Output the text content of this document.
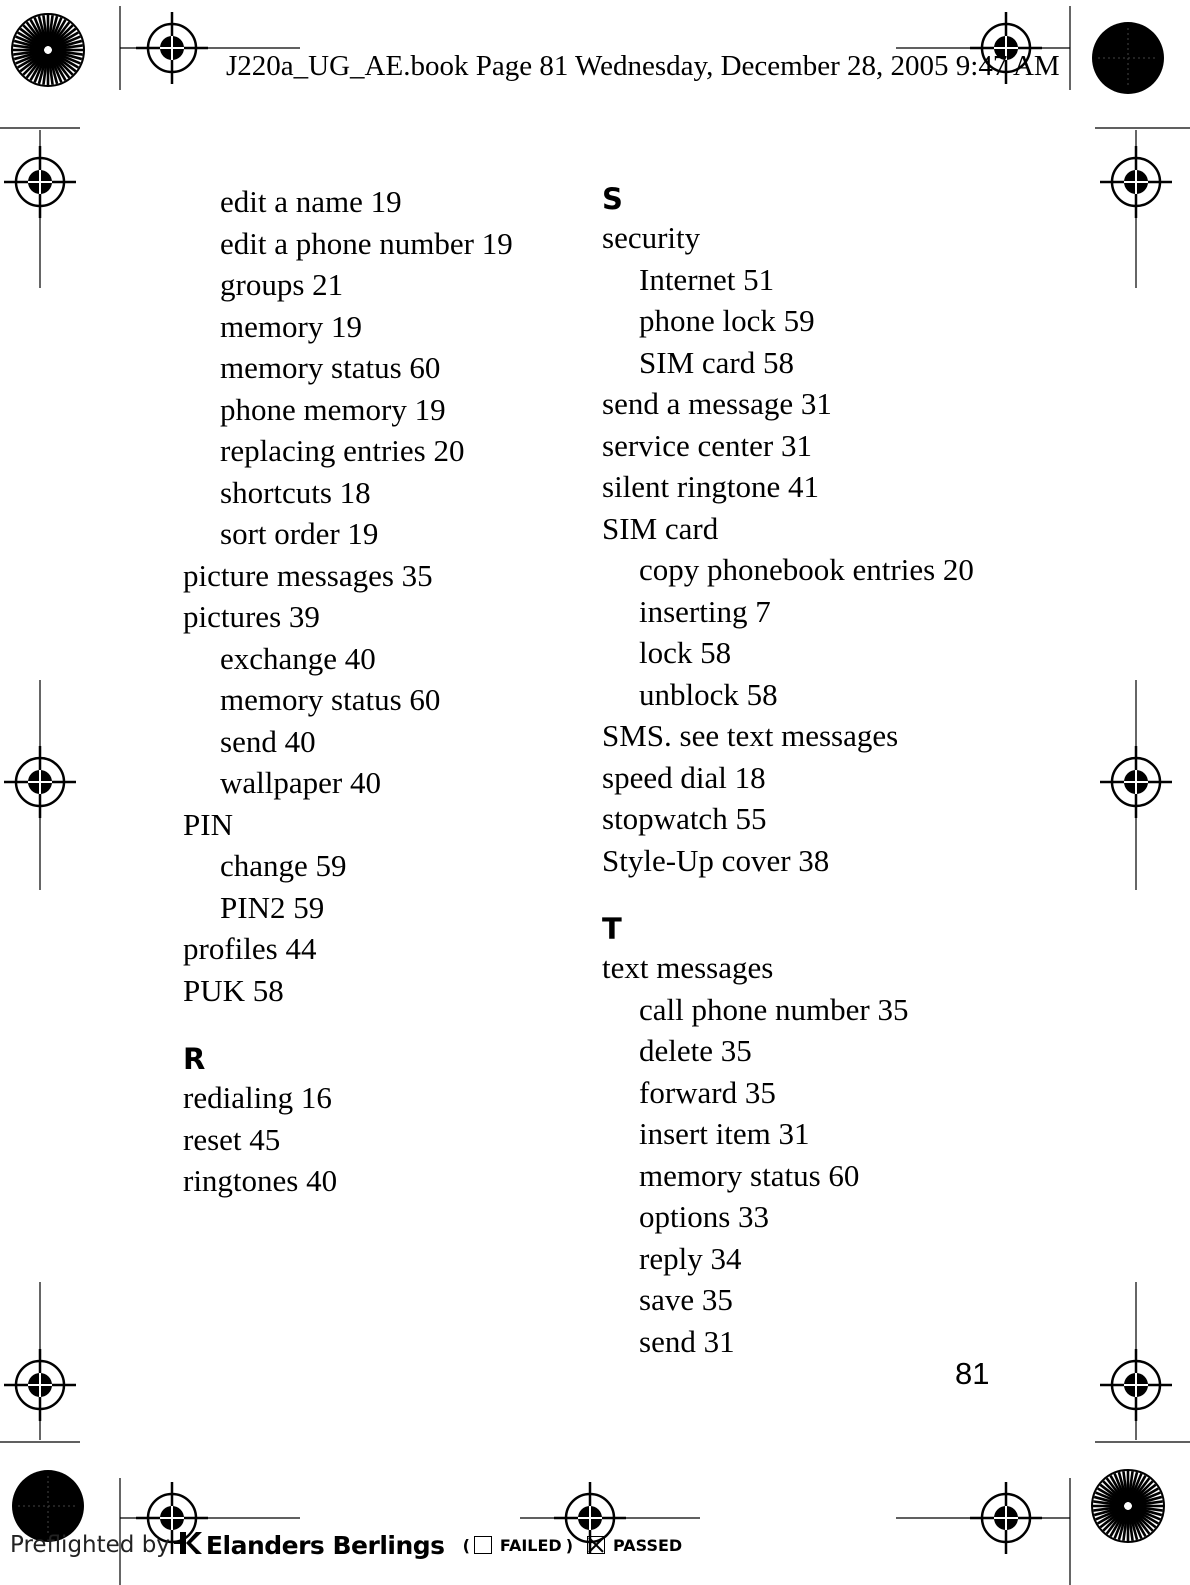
J220a_UG_AE.book Page 81 Wednesday, December 28, 2005 9:47 AM
edit a name 19
edit a phone number 19
groups 21
memory 19
memory status 60
phone memory 19
replacing entries 20
shortcuts 18
sort order 19
picture messages 35
pictures 39
exchange 40
memory status 60
send 40
wallpaper 40
PIN
change 59
PIN2 59
profiles 44
PUK 58
R
redialing 16
reset 45
ringtones 40
S
security
Internet 51
phone lock 59
SIM card 58
send a message 31
service center 31
silent ringtone 41
SIM card
copy phonebook entries 20
inserting 7
lock 58
unblock 58
SMS. see text messages
speed dial 18
stopwatch 55
Style-Up cover 38
T
text messages
call phone number 35
delete 35
forward 35
insert item 31
memory status 60
options 33
reply 34
save 35
send 31
81
Preflighted by Elanders Berlings ( FAILED )	PASSED
